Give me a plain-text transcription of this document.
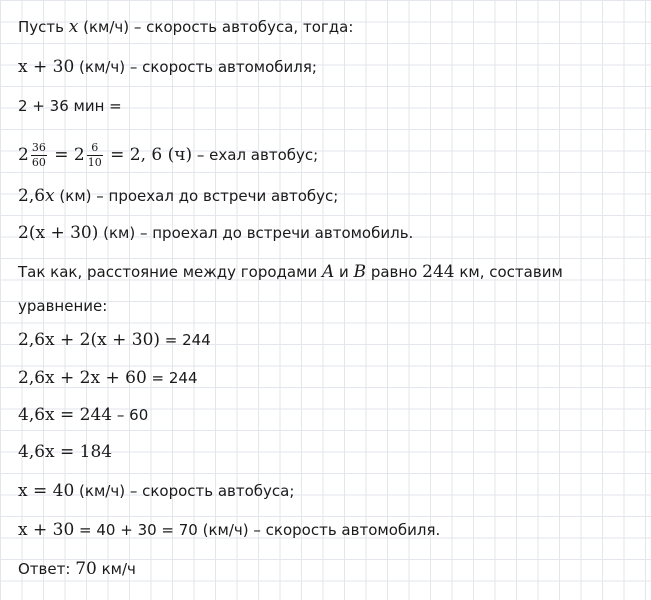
Пусть x (км/ч) – скорость автобуса, тогда:
x + 30 (км/ч) – скорость автомобиля;
2 + 36 мин =
$2 \frac{36}{60} = 2 \frac{6}{10} = 2$, 6 (ч) – ехал автобус;
2,6x (км) – проехал до встречи автобус;
2(x + 30) (км) – проехал до встречи автомобиль.
Так как, расстояние между городами A и B равно 244 км, составим
уравнение:
2,6x + 2(x + 30) = 244
2,6x + 2x + 60 = 244
4,6x = 244 – 60
4,6x = 184
x = 40 (км/ч) – скорость автобуса;
x + 30 = 40 + 30 = 70 (км/ч) – скорость автомобиля.
Ответ: 70 км/ч
